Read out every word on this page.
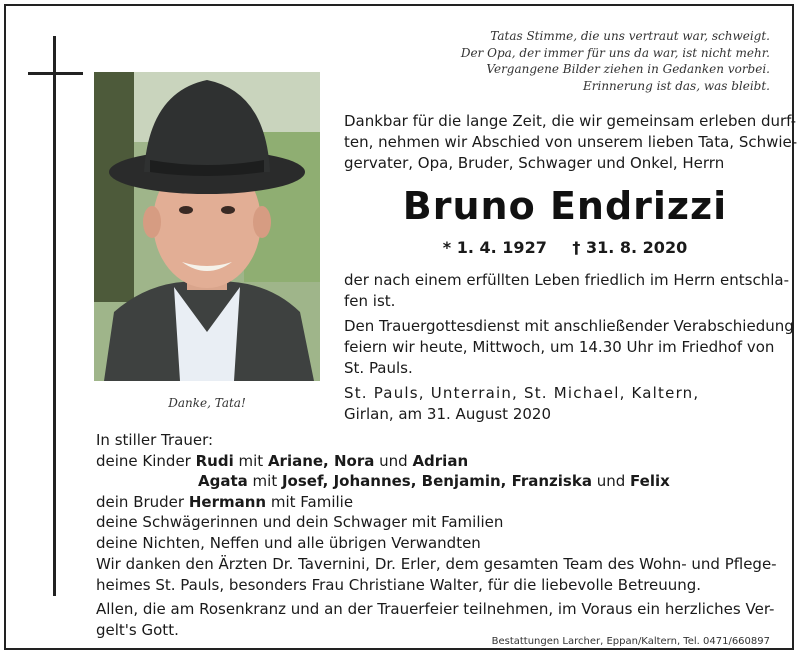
Tatas Stimme, die uns vertraut war, schweigt.
Der Opa, der immer für uns da war, ist nicht mehr.
Vergangene Bilder ziehen in Gedanken vorbei.
Erinnerung ist das, was bleibt.
Danke, Tata!
Dankbar für die lange Zeit, die wir gemeinsam erleben durf-
ten, nehmen wir Abschied von unserem lieben Tata, Schwie-
gervater, Opa, Bruder, Schwager und Onkel, Herrn
Bruno Endrizzi
* 1. 4. 1927 † 31. 8. 2020
der nach einem erfüllten Leben friedlich im Herrn entschla-
fen ist.
Den Trauergottesdienst mit anschließender Verabschiedung
feiern wir heute, Mittwoch, um 14.30 Uhr im Friedhof von
St. Pauls.
St. Pauls, Unterrain, St. Michael, Kaltern,
Girlan, am 31. August 2020
In stiller Trauer:
deine Kinder Rudi mit Ariane, Nora und Adrian
Agata mit Josef, Johannes, Benjamin, Franziska und Felix
dein Bruder Hermann mit Familie
deine Schwägerinnen und dein Schwager mit Familien
deine Nichten, Neffen und alle übrigen Verwandten
Wir danken den Ärzten Dr. Tavernini, Dr. Erler, dem gesamten Team des Wohn- und Pflege-
heimes St. Pauls, besonders Frau Christiane Walter, für die liebevolle Betreuung.
Allen, die am Rosenkranz und an der Trauerfeier teilnehmen, im Voraus ein herzliches Ver-
gelt's Gott.
Bestattungen Larcher, Eppan/Kaltern, Tel. 0471/660897
